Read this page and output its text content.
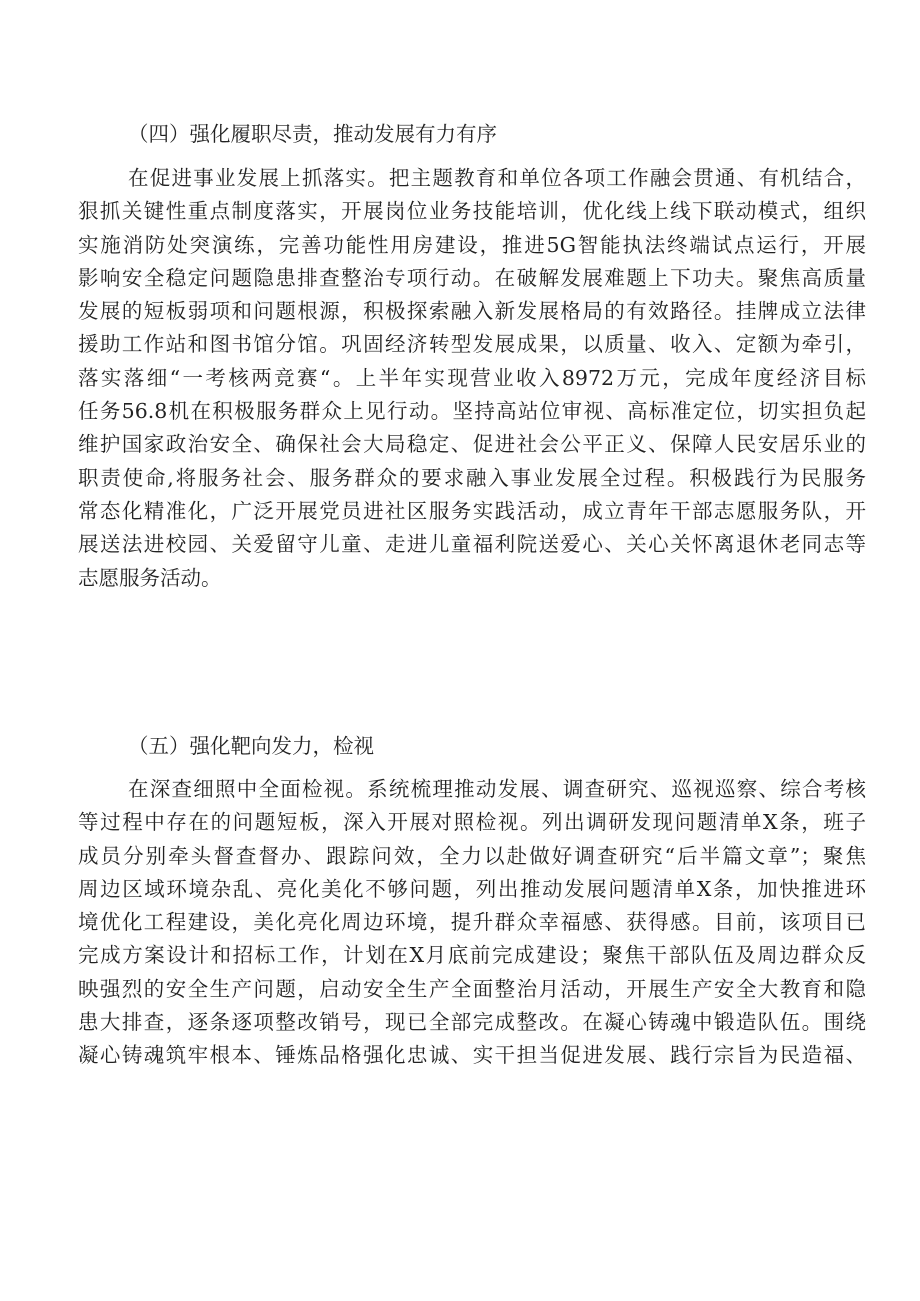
（四）强化履职尽责，推动发展有力有序
在促进事业发展上抓落实。把主题教育和单位各项工作融会贯通、有机结合，
狠抓关键性重点制度落实，开展岗位业务技能培训，优化线上线下联动模式，组织
实施消防处突演练，完善功能性用房建设，推进5G智能执法终端试点运行，开展
影响安全稳定问题隐患排查整治专项行动。在破解发展难题上下功夫。聚焦高质量
发展的短板弱项和问题根源，积极探索融入新发展格局的有效路径。挂牌成立法律
援助工作站和图书馆分馆。巩固经济转型发展成果，以质量、收入、定额为牵引，
落实落细“一考核两竞赛“。上半年实现营业收入8972万元，完成年度经济目标
任务56.8机在积极服务群众上见行动。坚持高站位审视、高标准定位，切实担负起
维护国家政治安全、确保社会大局稳定、促进社会公平正义、保障人民安居乐业的
职责使命,将服务社会、服务群众的要求融入事业发展全过程。积极践行为民服务
常态化精准化，广泛开展党员进社区服务实践活动，成立青年干部志愿服务队，开
展送法进校园、关爱留守儿童、走进儿童福利院送爱心、关心关怀离退休老同志等
志愿服务活动。
（五）强化靶向发力，检视
在深查细照中全面检视。系统梳理推动发展、调查研究、巡视巡察、综合考核
等过程中存在的问题短板，深入开展对照检视。列出调研发现问题清单X条，班子
成员分别牵头督查督办、跟踪问效，全力以赴做好调查研究“后半篇文章”；聚焦
周边区域环境杂乱、亮化美化不够问题，列出推动发展问题清单X条，加快推进环
境优化工程建设，美化亮化周边环境，提升群众幸福感、获得感。目前，该项目已
完成方案设计和招标工作，计划在X月底前完成建设；聚焦干部队伍及周边群众反
映强烈的安全生产问题，启动安全生产全面整治月活动，开展生产安全大教育和隐
患大排查，逐条逐项整改销号，现已全部完成整改。在凝心铸魂中锻造队伍。围绕
凝心铸魂筑牢根本、锤炼品格强化忠诚、实干担当促进发展、践行宗旨为民造福、
